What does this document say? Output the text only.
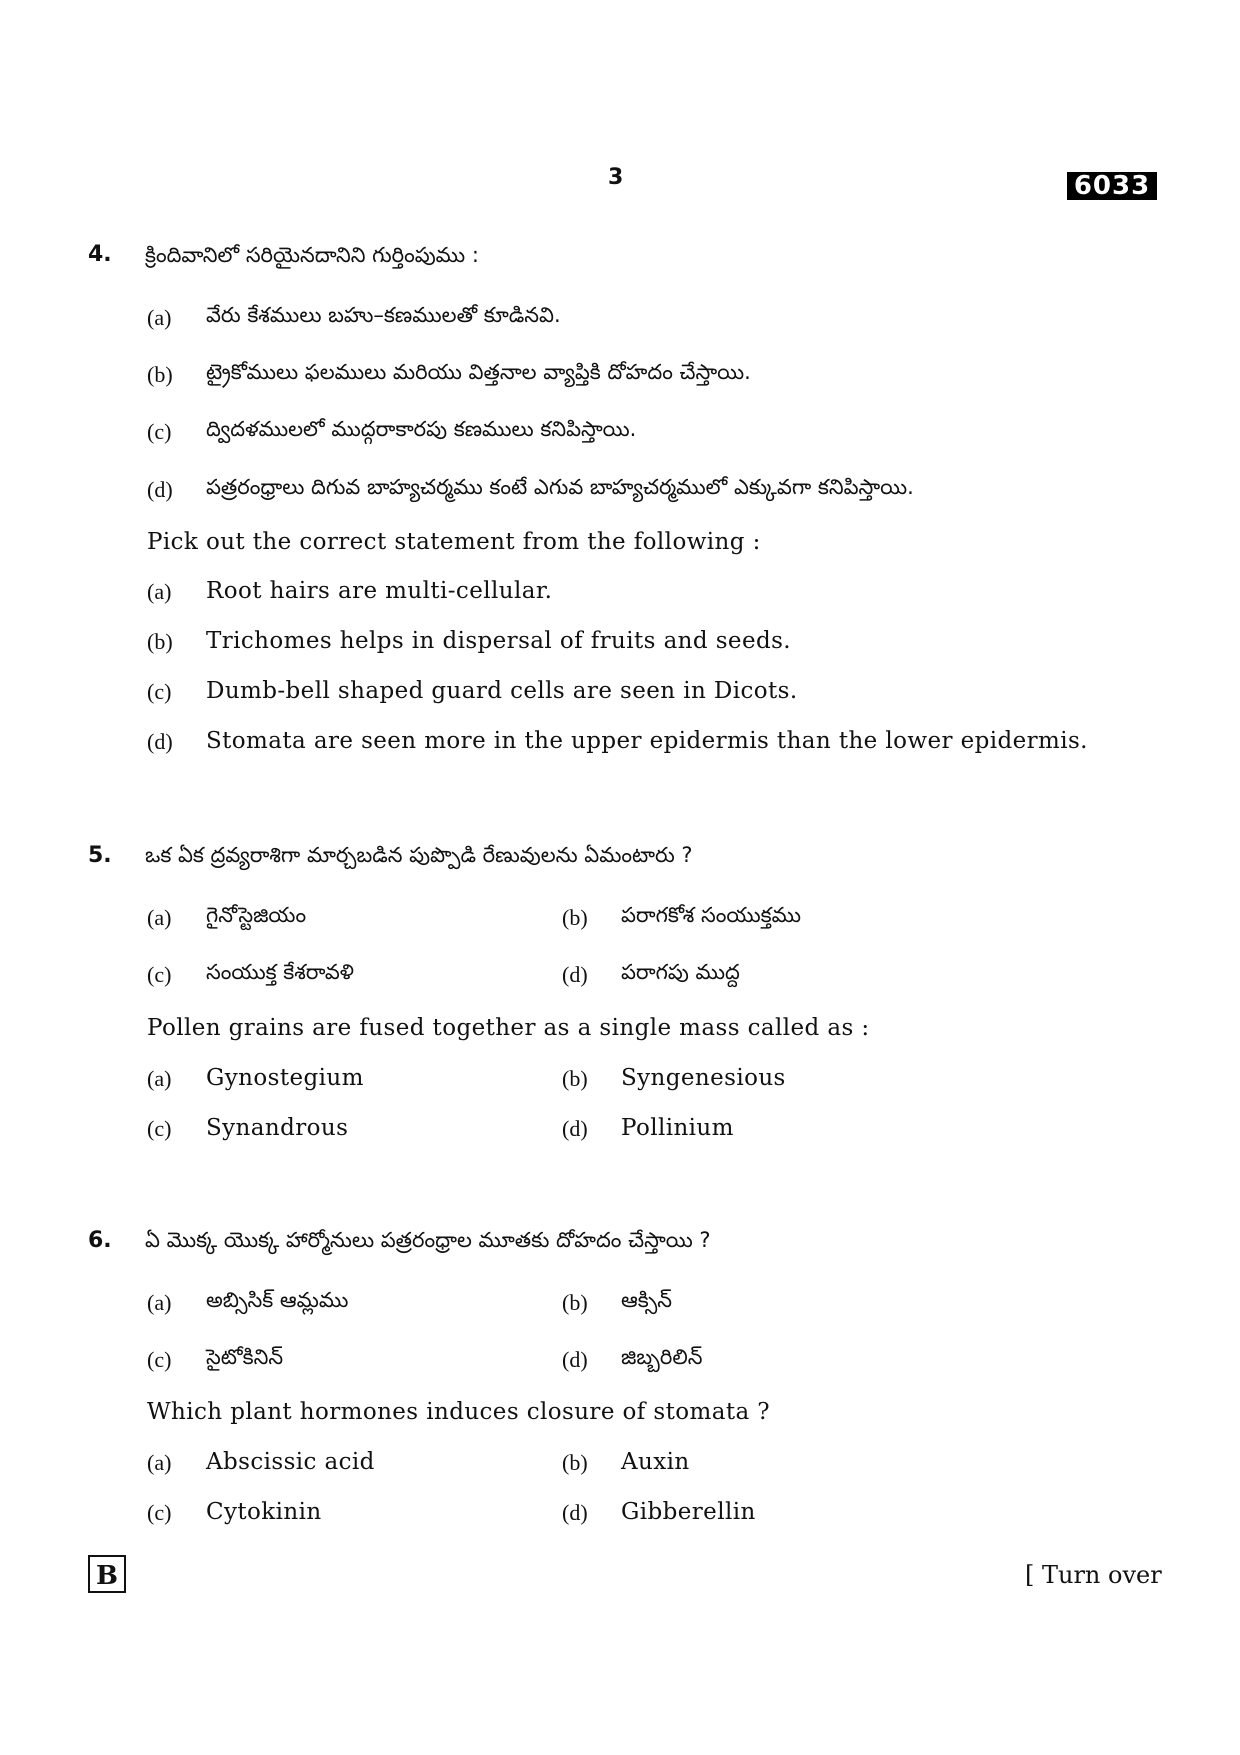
3	6033
4. క్రిందివానిలో సరియైనదానిని గుర్తింపుము :
(a) వేరు కేశములు బహు–కణములతో కూడినవి.
(b) ట్రైకోములు ఫలములు మరియు విత్తనాల వ్యాప్తికి దోహదం చేస్తాయి.
(c) ద్విదళములలో ముద్గరాకారపు కణములు కనిపిస్తాయి.
(d) పత్రరంధ్రాలు దిగువ బాహ్యచర్మము కంటే ఎగువ బాహ్యచర్మములో ఎక్కువగా కనిపిస్తాయి.
Pick out the correct statement from the following :
(a) Root hairs are multi-cellular.
(b) Trichomes helps in dispersal of fruits and seeds.
(c) Dumb-bell shaped guard cells are seen in Dicots.
(d) Stomata are seen more in the upper epidermis than the lower epidermis.
5. ఒక ఏక ద్రవ్యరాశిగా మార్చబడిన పుప్పొడి రేణువులను ఏమంటారు ?
(a) గైనోస్టెజియం	(b) పరాగకోశ సంయుక్తము
(c) సంయుక్త కేశరావళి	(d) పరాగపు ముద్ద
Pollen grains are fused together as a single mass called as :
(a) Gynostegium	(b) Syngenesious
(c) Synandrous	(d) Pollinium
6. ఏ మొక్క యొక్క హార్మోనులు పత్రరంధ్రాల మూతకు దోహదం చేస్తాయి ?
(a) అబ్సిసిక్ ఆమ్లము	(b) ఆక్సిన్
(c) సైటోకినిన్	(d) జిబ్బరిలిన్
Which plant hormones induces closure of stomata ?
(a) Abscissic acid	(b) Auxin
(c) Cytokinin	(d) Gibberellin
B	[ Turn over
